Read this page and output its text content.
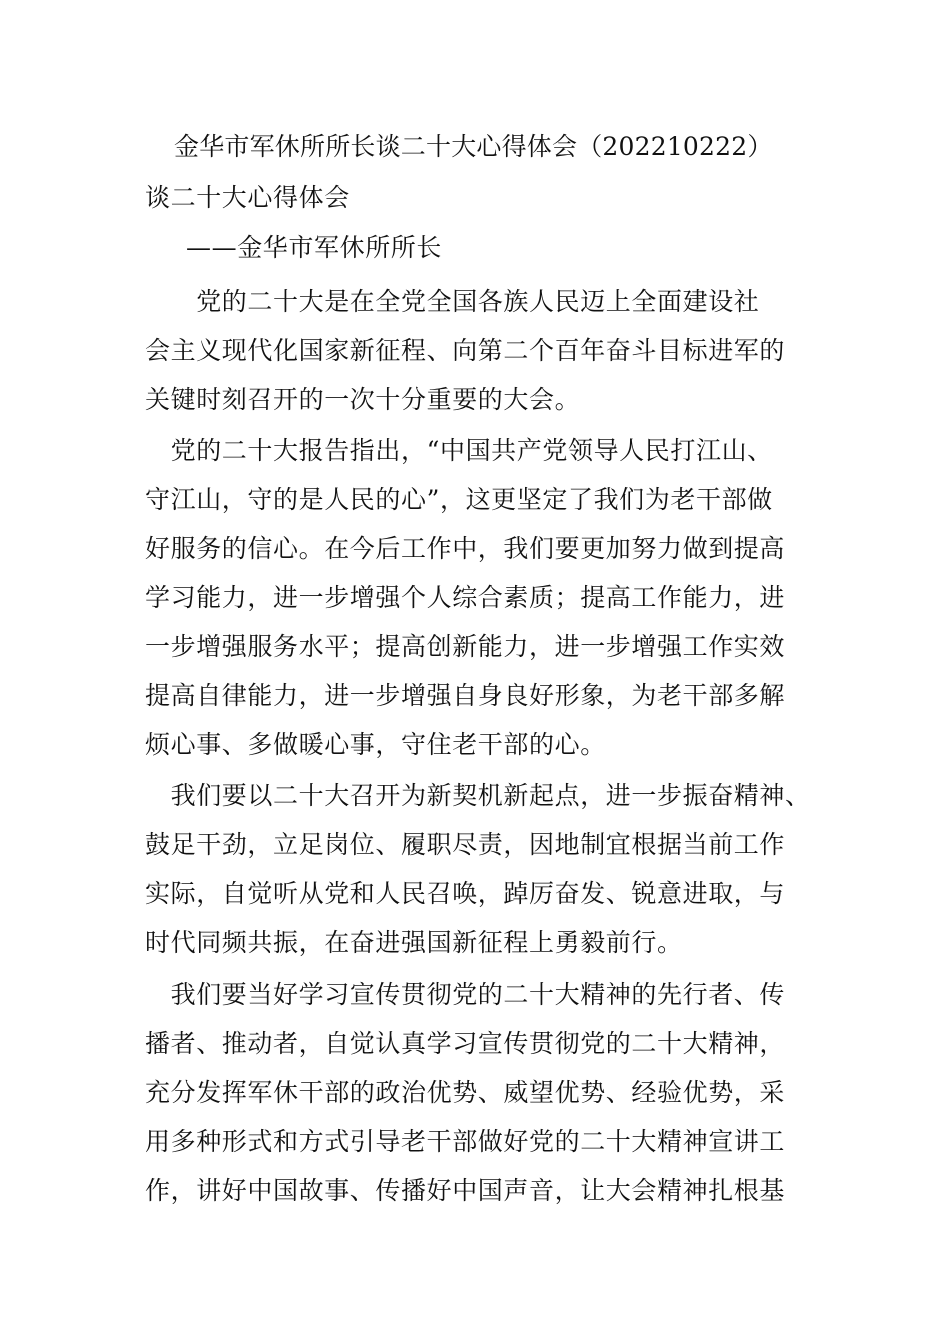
金华市军休所所长谈二十大心得体会（202210222）
谈二十大心得体会
——金华市军休所所长
　　党的二十大是在全党全国各族人民迈上全面建设社
会主义现代化国家新征程、向第二个百年奋斗目标进军的
关键时刻召开的一次十分重要的大会。
　党的二十大报告指出，“中国共产党领导人民打江山、
守江山，守的是人民的心”，这更坚定了我们为老干部做
好服务的信心。在今后工作中，我们要更加努力做到提高
学习能力，进一步增强个人综合素质；提高工作能力，进
一步增强服务水平；提高创新能力，进一步增强工作实效
提高自律能力，进一步增强自身良好形象，为老干部多解
烦心事、多做暖心事，守住老干部的心。
　我们要以二十大召开为新契机新起点，进一步振奋精神、
鼓足干劲，立足岗位、履职尽责，因地制宜根据当前工作
实际，自觉听从党和人民召唤，踔厉奋发、锐意进取，与
时代同频共振，在奋进强国新征程上勇毅前行。
　我们要当好学习宣传贯彻党的二十大精神的先行者、传
播者、推动者，自觉认真学习宣传贯彻党的二十大精神，
充分发挥军休干部的政治优势、威望优势、经验优势，采
用多种形式和方式引导老干部做好党的二十大精神宣讲工
作，讲好中国故事、传播好中国声音，让大会精神扎根基
